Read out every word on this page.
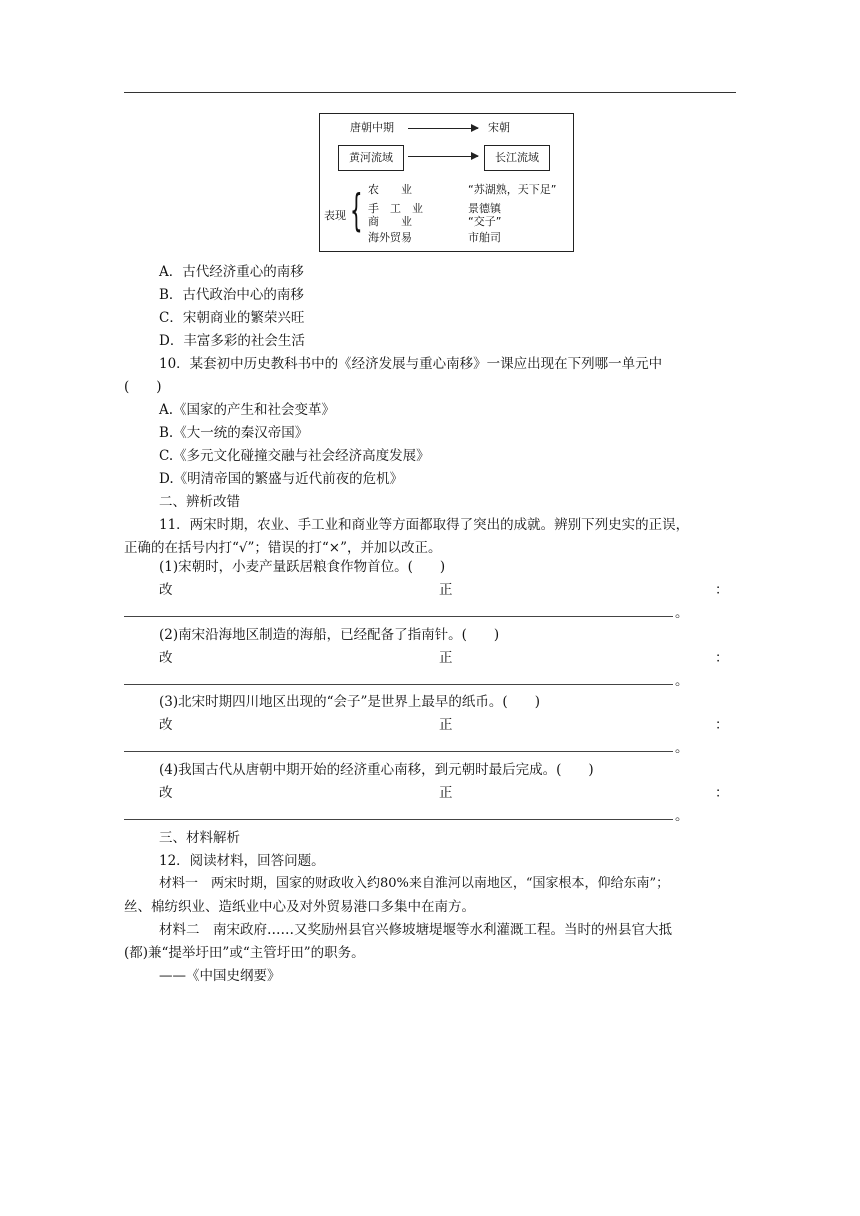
唐朝中期	宋朝
黄河流域	长江流域
表现 { 农　　业	“苏湖熟，天下足”
手　工　业	景德镇
商　　业	“交子”
海外贸易	市舶司
A．古代经济重心的南移
B．古代政治中心的南移
C．宋朝商业的繁荣兴旺
D．丰富多彩的社会生活
10．某套初中历史教科书中的《经济发展与重心南移》一课应出现在下列哪一单元中
(　　)
A.《国家的产生和社会变革》
B.《大一统的秦汉帝国》
C.《多元文化碰撞交融与社会经济高度发展》
D.《明清帝国的繁盛与近代前夜的危机》
二、辨析改错
11．两宋时期，农业、手工业和商业等方面都取得了突出的成就。辨别下列史实的正误，
正确的在括号内打“√”；错误的打“×”，并加以改正。
(1)宋朝时，小麦产量跃居粮食作物首位。(　　)
改	正	：
。
(2)南宋沿海地区制造的海船，已经配备了指南针。(　　)
改	正	：
。
(3)北宋时期四川地区出现的“会子”是世界上最早的纸币。(　　)
改	正	：
。
(4)我国古代从唐朝中期开始的经济重心南移，到元朝时最后完成。(　　)
改	正	：
。
三、材料解析
12．阅读材料，回答问题。
材料一　两宋时期，国家的财政收入约80%来自淮河以南地区，“国家根本，仰给东南”；
丝、棉纺织业、造纸业中心及对外贸易港口多集中在南方。
材料二　南宋政府……又奖励州县官兴修坡塘堤堰等水利灌溉工程。当时的州县官大抵
(都)兼“提举圩田”或“主管圩田”的职务。
——《中国史纲要》
